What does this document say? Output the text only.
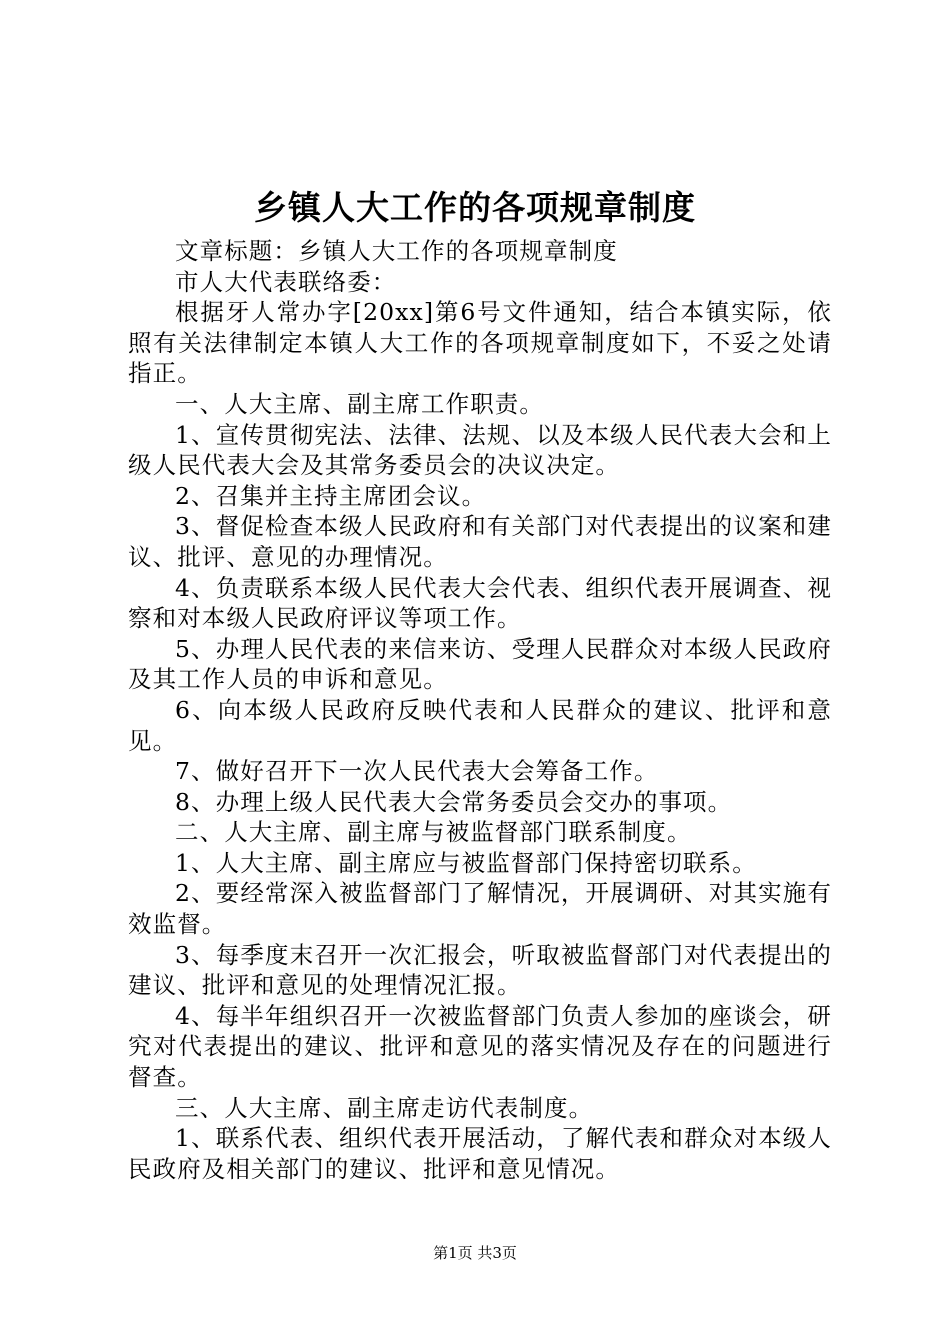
乡镇人大工作的各项规章制度

文章标题：乡镇人大工作的各项规章制度

市人大代表联络委：

根据牙人常办字[20xx]第6号文件通知，结合本镇实际，依照有关法律制定本镇人大工作的各项规章制度如下，不妥之处请指正。

一、人大主席、副主席工作职责。

1、宣传贯彻宪法、法律、法规、以及本级人民代表大会和上级人民代表大会及其常务委员会的决议决定。

2、召集并主持主席团会议。

3、督促检查本级人民政府和有关部门对代表提出的议案和建议、批评、意见的办理情况。

4、负责联系本级人民代表大会代表、组织代表开展调查、视察和对本级人民政府评议等项工作。

5、办理人民代表的来信来访、受理人民群众对本级人民政府及其工作人员的申诉和意见。

6、向本级人民政府反映代表和人民群众的建议、批评和意见。

7、做好召开下一次人民代表大会筹备工作。

8、办理上级人民代表大会常务委员会交办的事项。

二、人大主席、副主席与被监督部门联系制度。

1、人大主席、副主席应与被监督部门保持密切联系。

2、要经常深入被监督部门了解情况，开展调研、对其实施有效监督。

3、每季度末召开一次汇报会，听取被监督部门对代表提出的建议、批评和意见的处理情况汇报。

4、每半年组织召开一次被监督部门负责人参加的座谈会，研究对代表提出的建议、批评和意见的落实情况及存在的问题进行督查。

三、人大主席、副主席走访代表制度。

1、联系代表、组织代表开展活动，了解代表和群众对本级人民政府及相关部门的建议、批评和意见情况。

第1页 共3页
